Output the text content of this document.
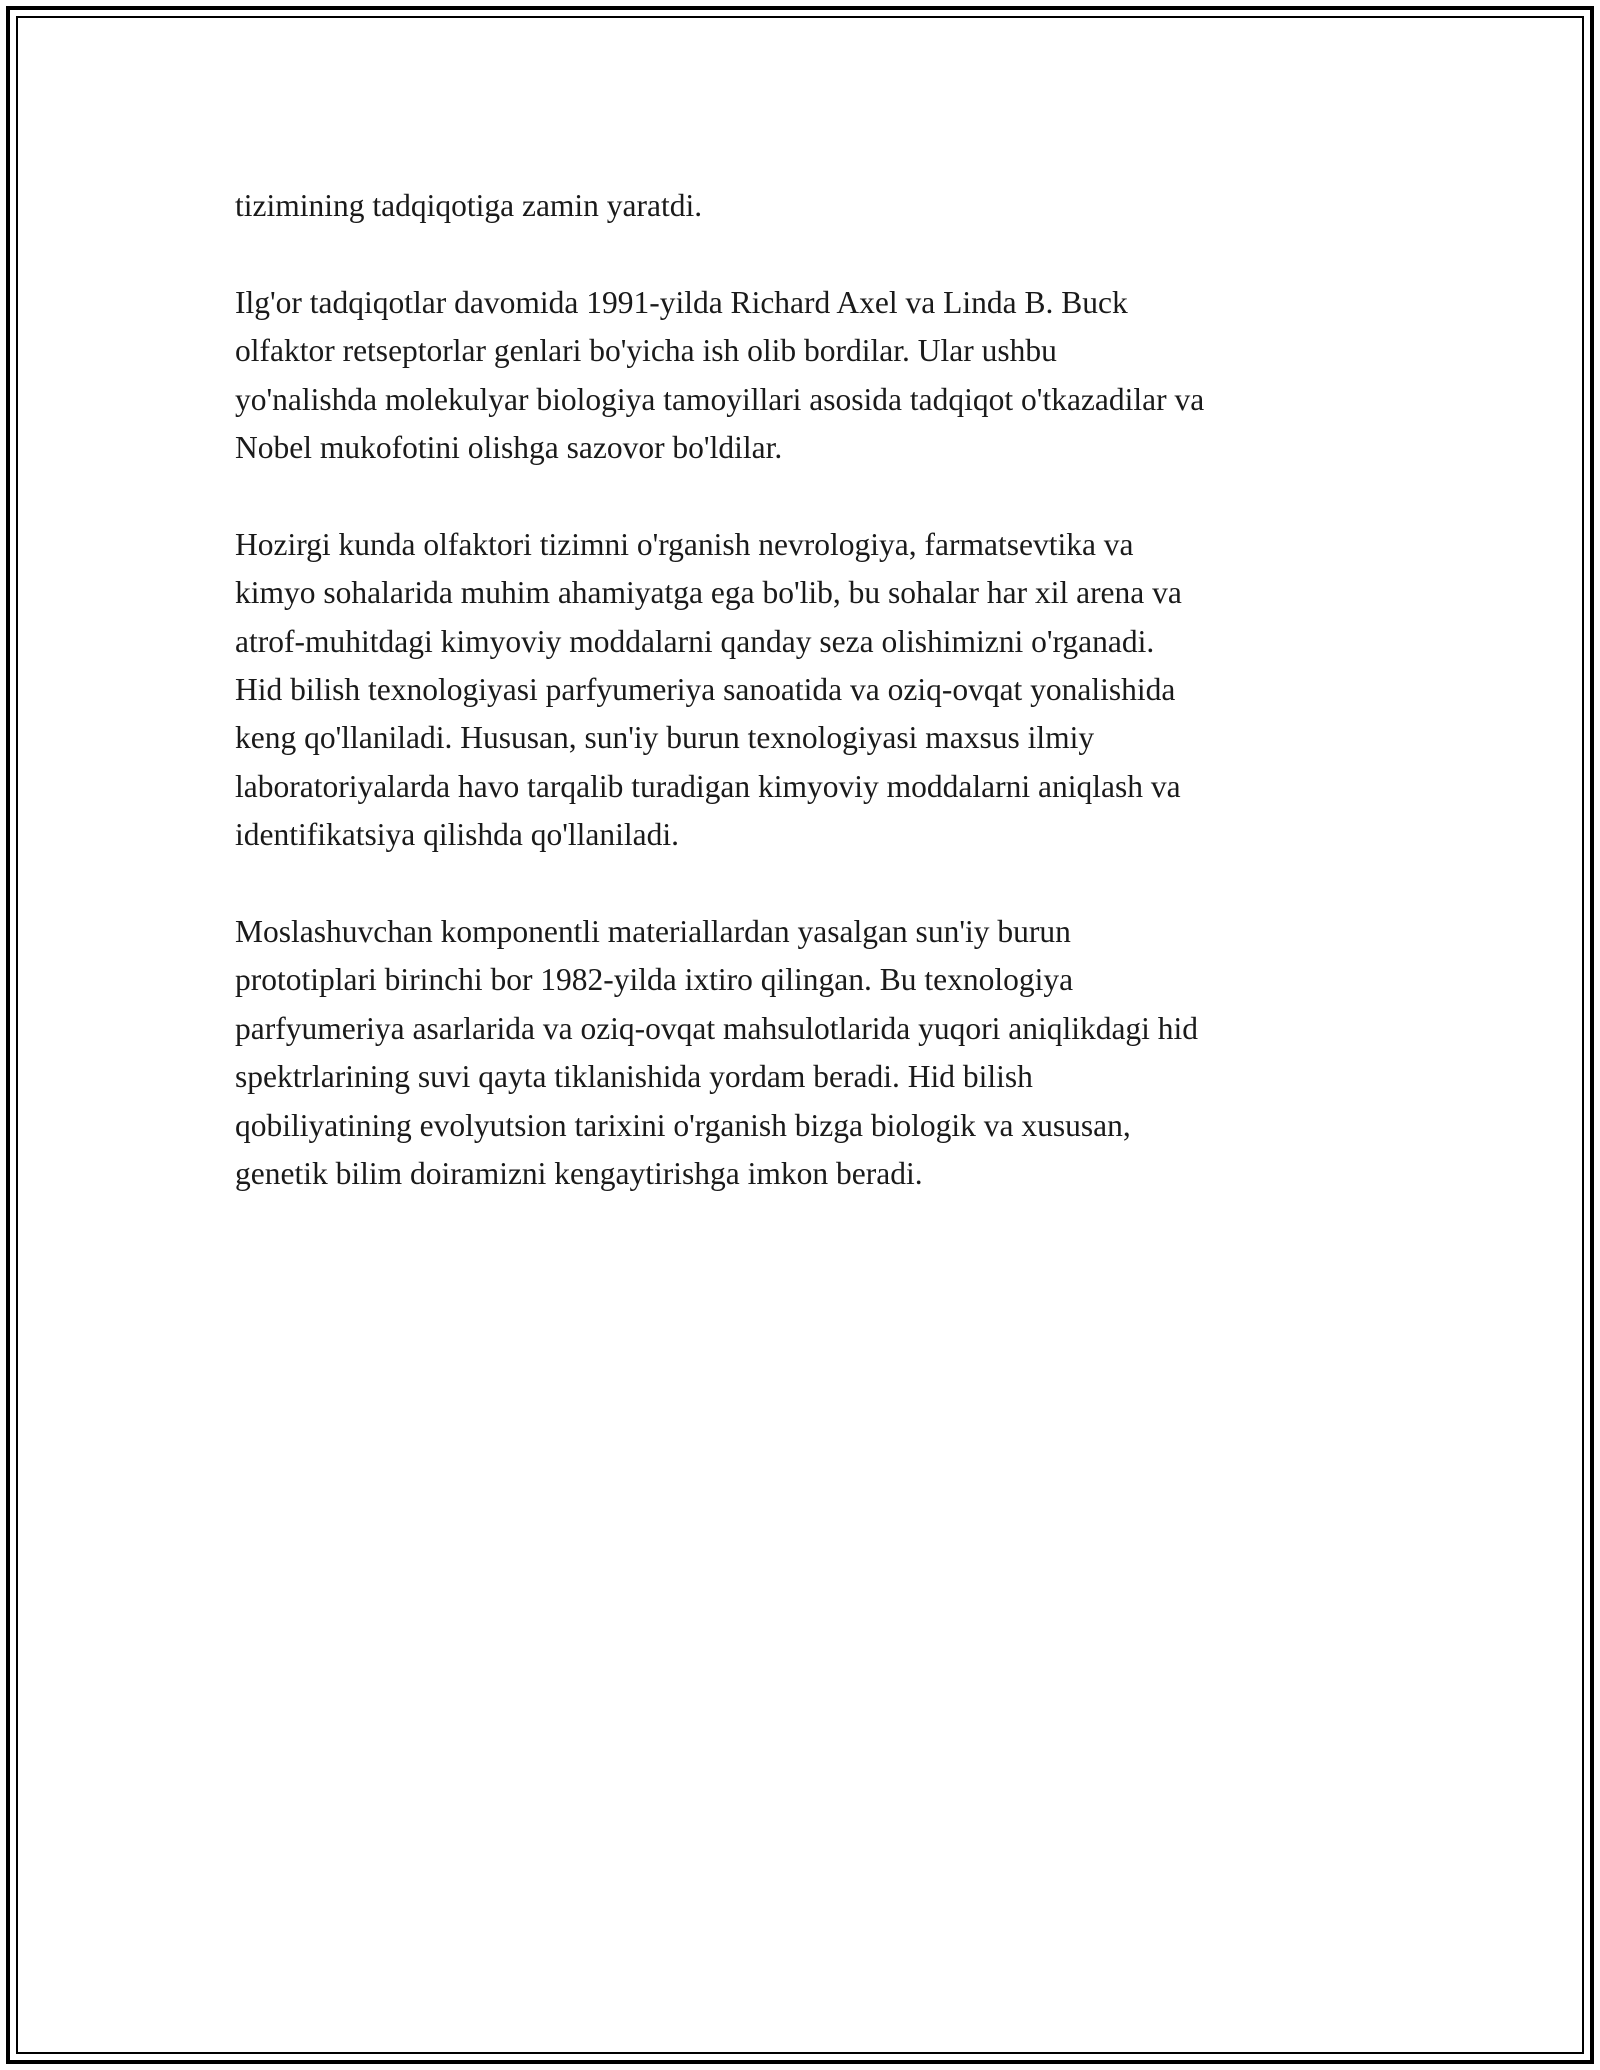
tizimining tadqiqotiga zamin yaratdi.

Ilg'or tadqiqotlar davomida 1991-yilda Richard Axel va Linda B. Buck
olfaktor retseptorlar genlari bo'yicha ish olib bordilar. Ular ushbu
yo'nalishda molekulyar biologiya tamoyillari asosida tadqiqot o'tkazadilar va
Nobel mukofotini olishga sazovor bo'ldilar.

Hozirgi kunda olfaktori tizimni o'rganish nevrologiya, farmatsevtika va
kimyo sohalarida muhim ahamiyatga ega bo'lib, bu sohalar har xil arena va
atrof-muhitdagi kimyoviy moddalarni qanday seza olishimizni o'rganadi.
Hid bilish texnologiyasi parfyumeriya sanoatida va oziq-ovqat yonalishida
keng qo'llaniladi. Hususan, sun'iy burun texnologiyasi maxsus ilmiy
laboratoriyalarda havo tarqalib turadigan kimyoviy moddalarni aniqlash va
identifikatsiya qilishda qo'llaniladi.

Moslashuvchan komponentli materiallardan yasalgan sun'iy burun
prototiplari birinchi bor 1982-yilda ixtiro qilingan. Bu texnologiya
parfyumeriya asarlarida va oziq-ovqat mahsulotlarida yuqori aniqlikdagi hid
spektrlarining suvi qayta tiklanishida yordam beradi. Hid bilish
qobiliyatining evolyutsion tarixini o'rganish bizga biologik va xususan,
genetik bilim doiramizni kengaytirishga imkon beradi.
